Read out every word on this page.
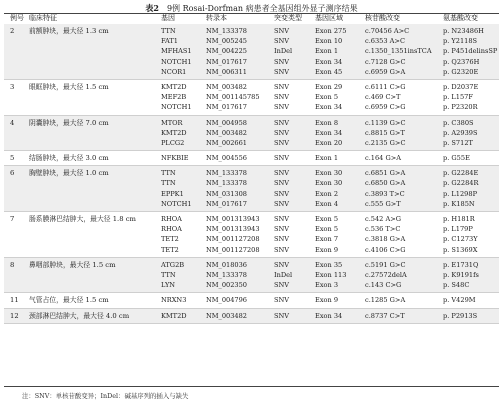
表2 9例 Rosai-Dorfman 病患者全基因组外显子测序结果
例号 临床特征	基因	转录本	突变类型	基因区域	核苷酸改变	氨基酸改变
2	前额肿块，最大径 1.3 cm	TTN	NM_133378	SNV	Exon 275	c.70456 A>C	p. N23486H
FAT1	NM_005245	SNV	Exon 10	c.6353 A>C	p. Y2118S
MFHAS1	NM_004225	InDel	Exon 1	c.1350_1351insTCA	p. P451delinsSP
NOTCH1	NM_017617	SNV	Exon 34	c.7128 G>C	p. Q2376H
NCOR1	NM_006311	SNV	Exon 45	c.6959 G>A	p. G2320E
3	眼眶肿块，最大径 1.5 cm	KMT2D	NM_003482	SNV	Exon 29	c.6111 C>G	p. D2037E
MEF2B	NM_001145785	SNV	Exon 5	c.469 C>T	p. L157F
NOTCH1	NM_017617	SNV	Exon 34	c.6959 C>G	p. P2320R
4	阴囊肿块，最大径 7.0 cm	MTOR	NM_004958	SNV	Exon 8	c.1139 G>C	p. C380S
KMT2D	NM_003482	SNV	Exon 34	c.8815 G>T	p. A2939S
PLCG2	NM_002661	SNV	Exon 20	c.2135 G>C	p. S712T
5	结肠肿块，最大径 3.0 cm	NFKBIE	NM_004556	SNV	Exon 1	c.164 G>A	p. G55E
6	胸壁肿块，最大径 1.0 cm	TTN	NM_133378	SNV	Exon 30	c.6851 G>A	p. G2284E
TTN	NM_133378	SNV	Exon 30	c.6850 G>A	p. G2284R
EPPK1	NM_031308	SNV	Exon 2	c.3893 T>C	p. L1298P
NOTCH1	NM_017617	SNV	Exon 4	c.555 G>T	p. K185N
7	肠系膜淋巴结肿大，最大径 1.8 cm	RHOA	NM_001313943	SNV	Exon 5	c.542 A>G	p. H181R
RHOA	NM_001313943	SNV	Exon 5	c.536 T>C	p. L179P
TET2	NM_001127208	SNV	Exon 7	c.3818 G>A	p. C1273Y
TET2	NM_001127208	SNV	Exon 9	c.4106 C>G	p. S1369X
8	鼻咽部肿块，最大径 1.5 cm	ATG2B	NM_018036	SNV	Exon 35	c.5191 G>C	p. E1731Q
TTN	NM_133378	InDel	Exon 113	c.27572delA	p. K9191fs
LYN	NM_002350	SNV	Exon 3	c.143 C>G	p. S48C
11	气管占位，最大径 1.5 cm	NRXN3	NM_004796	SNV	Exon 9	c.1285 G>A	p. V429M
12	颈部淋巴结肿大，最大径 4.0 cm	KMT2D	NM_003482	SNV	Exon 34	c.8737 C>T	p. P2913S
注：SNV：单核苷酸变异；InDel：碱基序列的插入与缺失
